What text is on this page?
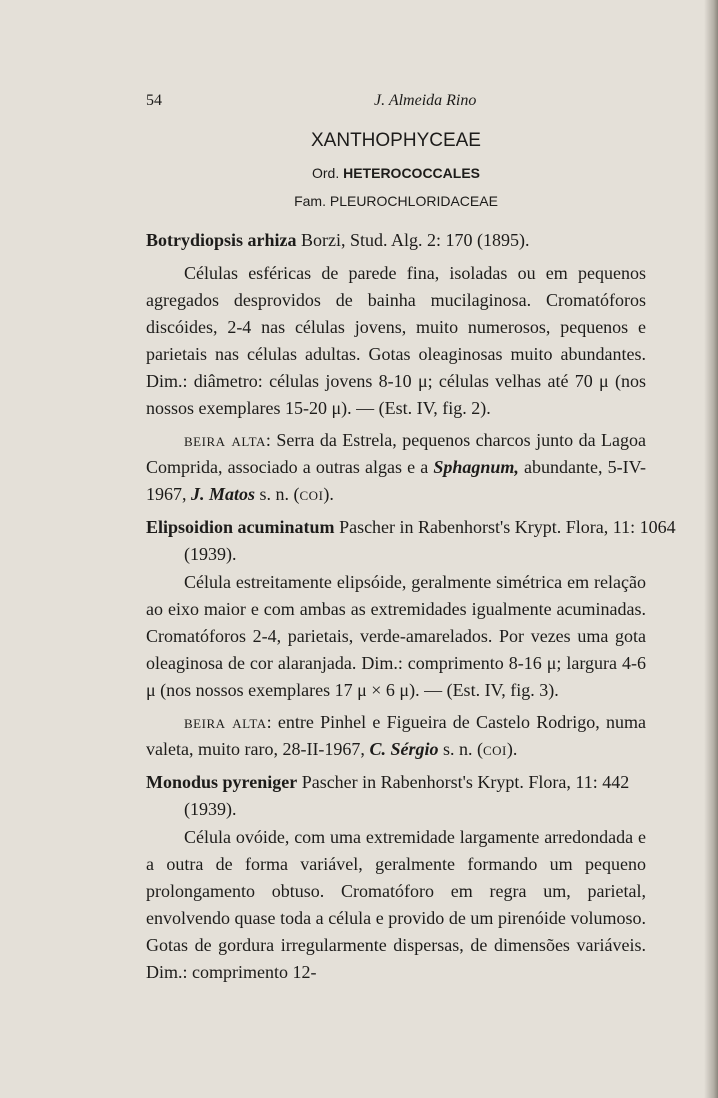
54	J. Almeida Rino
XANTHOPHYCEAE
Ord. HETEROCOCCALES
Fam. PLEUROCHLORIDACEAE
Botrydiopsis arhiza Borzi, Stud. Alg. 2: 170 (1895).
Células esféricas de parede fina, isoladas ou em pequenos agregados desprovidos de bainha mucilaginosa. Cromatóforos discóides, 2-4 nas células jovens, muito numerosos, pequenos e parietais nas células adultas. Gotas oleaginosas muito abundantes. Dim.: diâmetro: células jovens 8-10 μ; células velhas até 70 μ (nos nossos exemplares 15-20 μ). — (Est. IV, fig. 2).
beira alta: Serra da Estrela, pequenos charcos junto da Lagoa Comprida, associado a outras algas e a Sphagnum, abundante, 5-IV-1967, J. Matos s. n. (coi).
Elipsoidion acuminatum Pascher in Rabenhorst's Krypt. Flora, 11: 1064 (1939).
Célula estreitamente elipsóide, geralmente simétrica em relação ao eixo maior e com ambas as extremidades igualmente acuminadas. Cromatóforos 2-4, parietais, verde-amarelados. Por vezes uma gota oleaginosa de cor alaranjada. Dim.: comprimento 8-16 μ; largura 4-6 μ (nos nossos exemplares 17 μ × 6 μ). — (Est. IV, fig. 3).
beira alta: entre Pinhel e Figueira de Castelo Rodrigo, numa valeta, muito raro, 28-II-1967, C. Sérgio s. n. (coi).
Monodus pyreniger Pascher in Rabenhorst's Krypt. Flora, 11: 442 (1939).
Célula ovóide, com uma extremidade largamente arredondada e a outra de forma variável, geralmente formando um pequeno prolongamento obtuso. Cromatóforo em regra um, parietal, envolvendo quase toda a célula e provido de um pirenóide volumoso. Gotas de gordura irregularmente dispersas, de dimensões variáveis. Dim.: comprimento 12-
